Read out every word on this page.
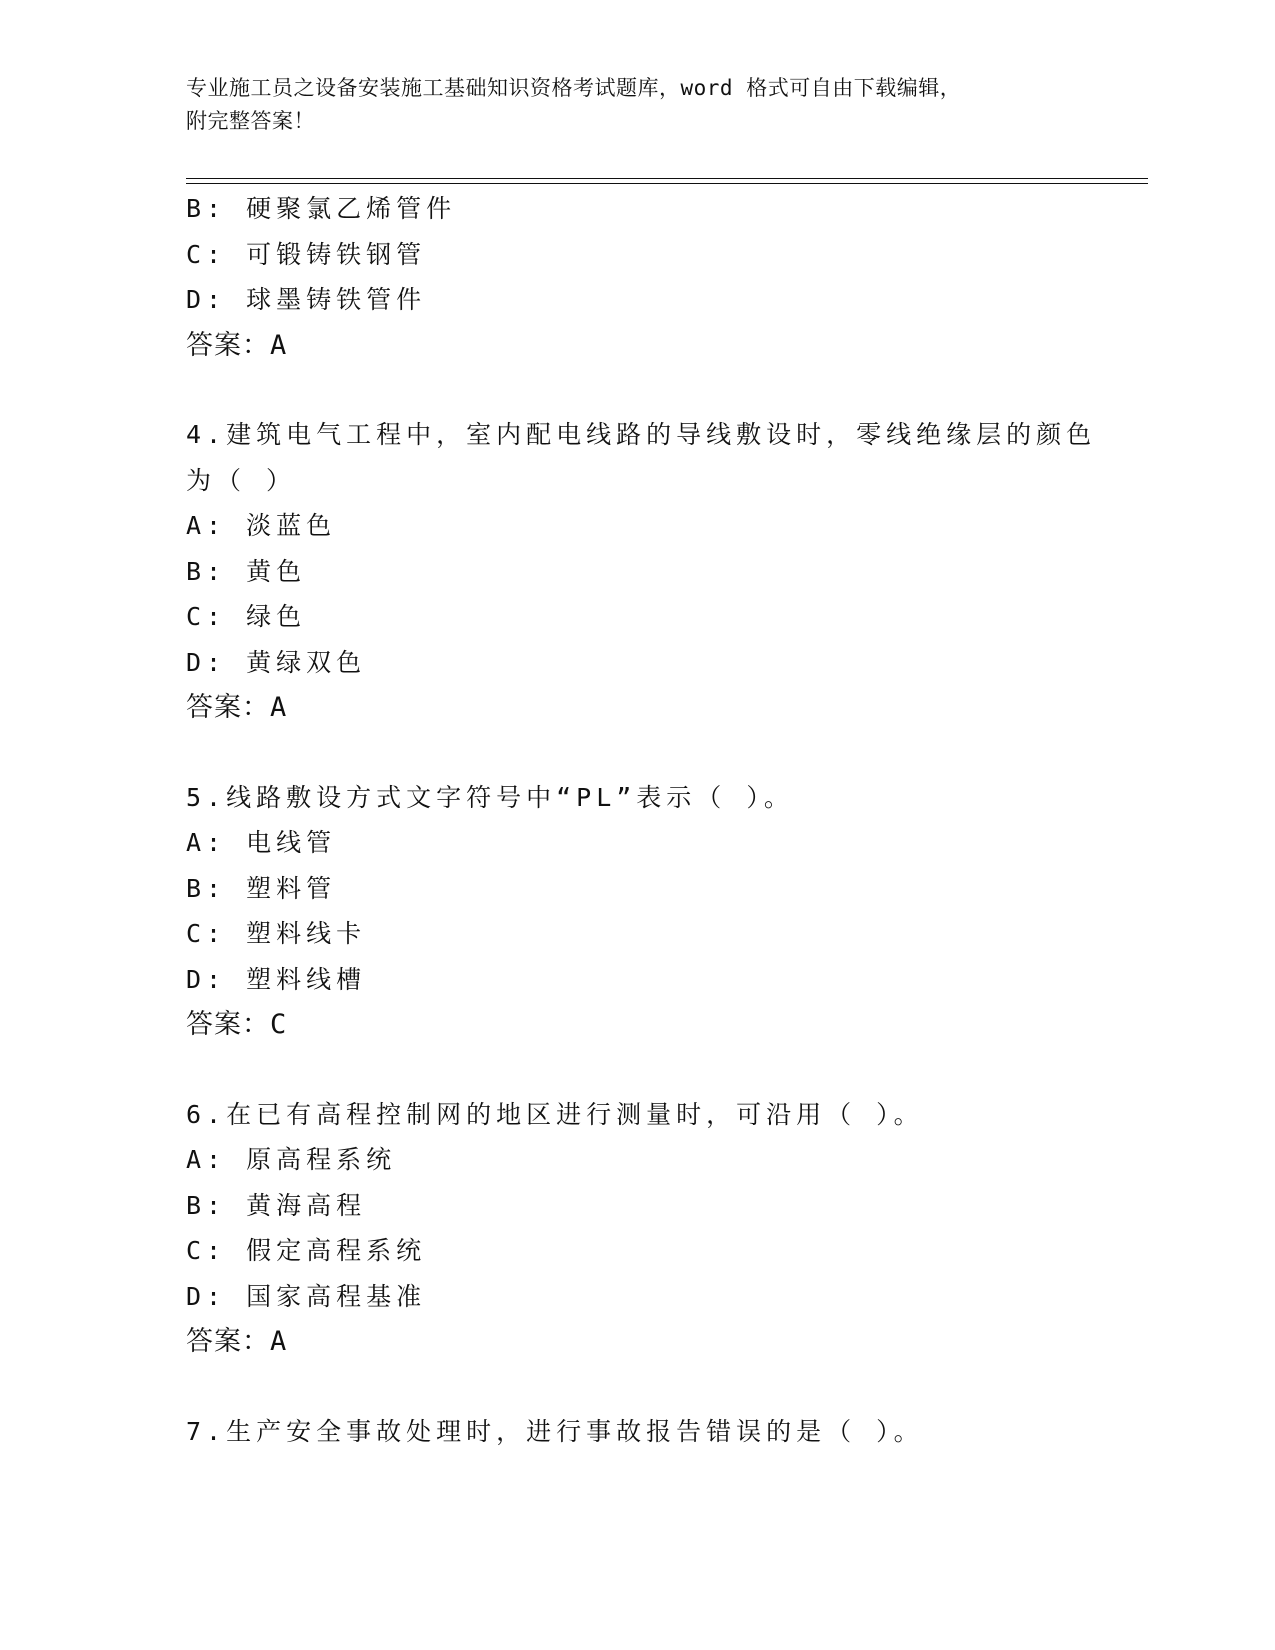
专业施工员之设备安装施工基础知识资格考试题库，word 格式可自由下载编辑，
附完整答案！
B: 硬聚氯乙烯管件
C: 可锻铸铁钢管
D: 球墨铸铁管件
答案：A
4.建筑电气工程中，室内配电线路的导线敷设时，零线绝缘层的颜色
为（ ）
A: 淡蓝色
B: 黄色
C: 绿色
D: 黄绿双色
答案：A
5.线路敷设方式文字符号中“PL”表示（ ）。
A: 电线管
B: 塑料管
C: 塑料线卡
D: 塑料线槽
答案：C
6.在已有高程控制网的地区进行测量时，可沿用（ ）。
A: 原高程系统
B: 黄海高程
C: 假定高程系统
D: 国家高程基准
答案：A
7.生产安全事故处理时，进行事故报告错误的是（ ）。
